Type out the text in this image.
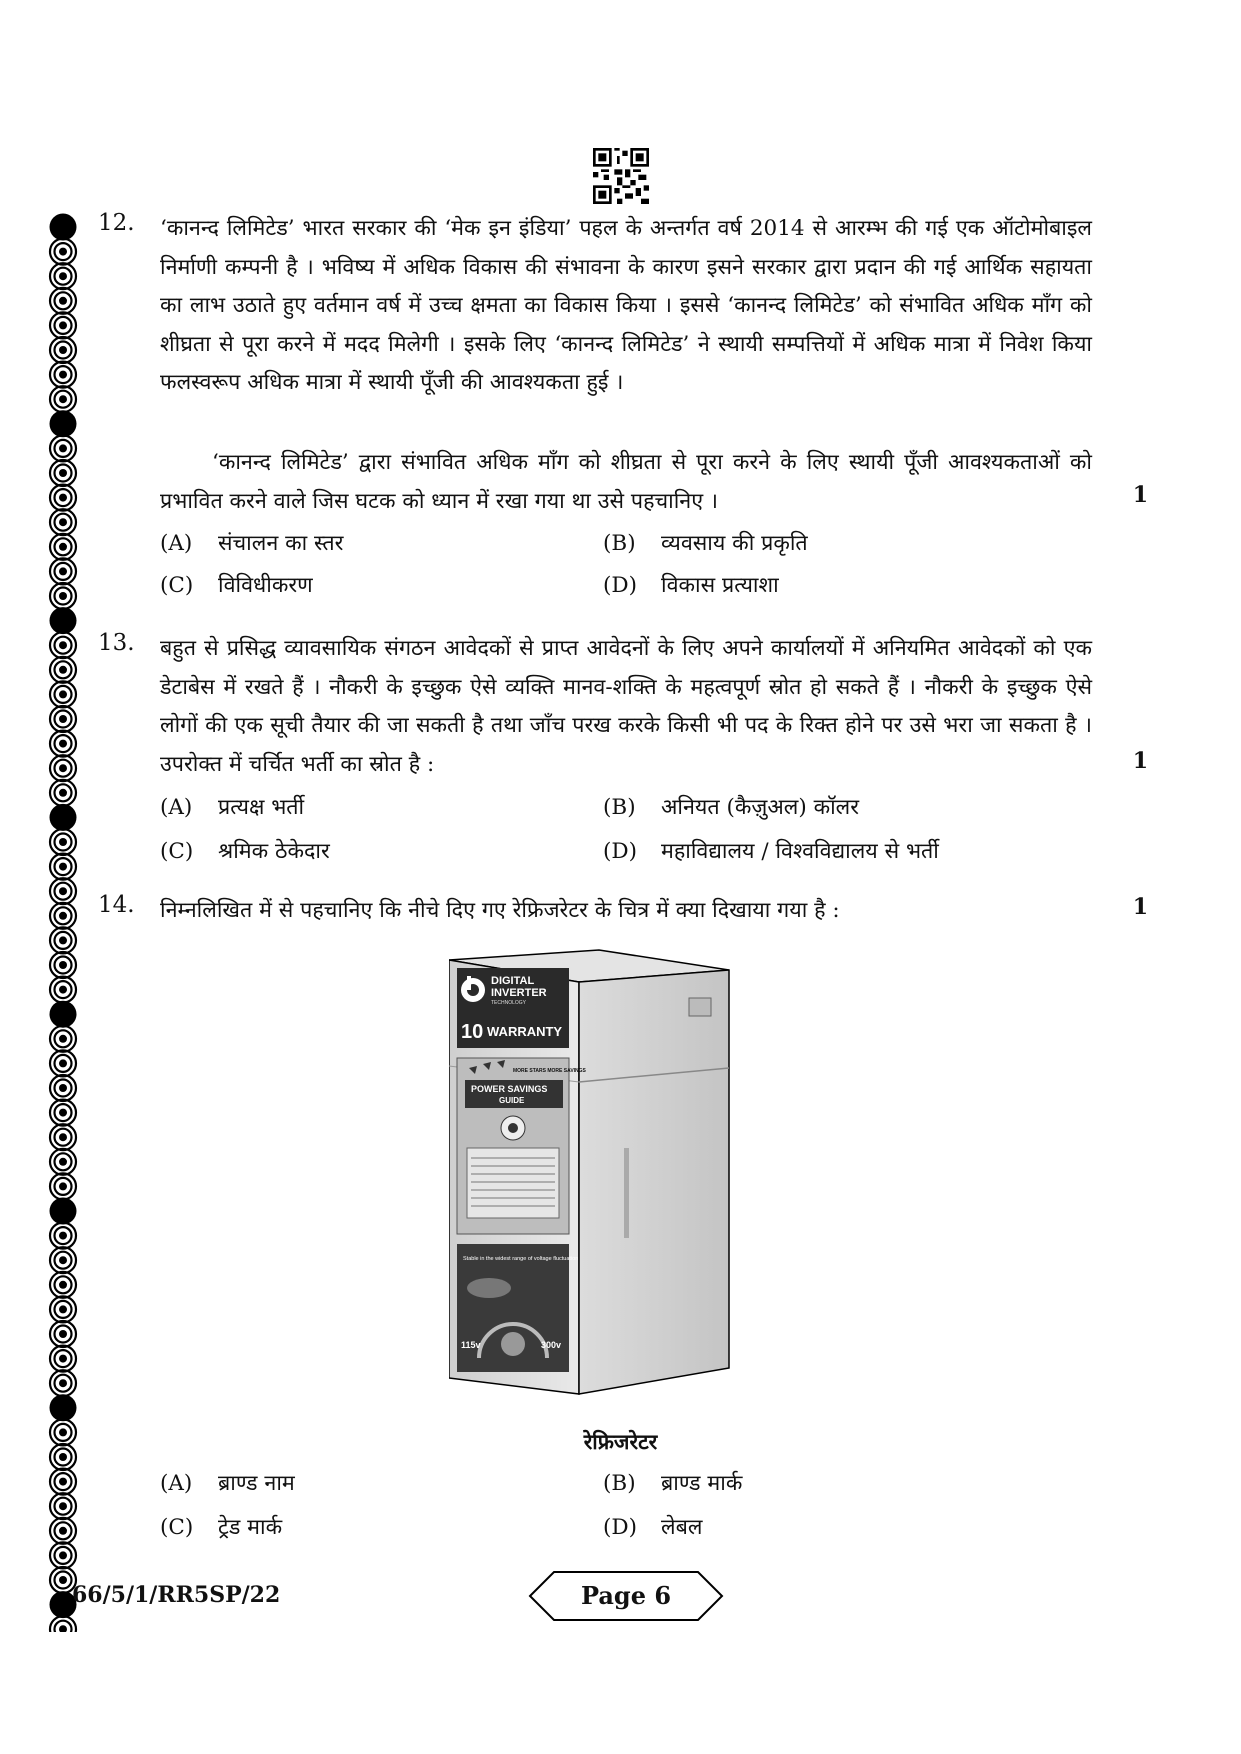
12. ‘कानन्द लिमिटेड’ भारत सरकार की ‘मेक इन इंडिया’ पहल के अन्तर्गत वर्ष 2014 से आरम्भ की गई एक ऑटोमोबाइल निर्माणी कम्पनी है । भविष्य में अधिक विकास की संभावना के कारण इसने सरकार द्वारा प्रदान की गई आर्थिक सहायता का लाभ उठाते हुए वर्तमान वर्ष में उच्च क्षमता का विकास किया । इससे ‘कानन्द लिमिटेड’ को संभावित अधिक माँग को शीघ्रता से पूरा करने में मदद मिलेगी । इसके लिए ‘कानन्द लिमिटेड’ ने स्थायी सम्पत्तियों में अधिक मात्रा में निवेश किया फलस्वरूप अधिक मात्रा में स्थायी पूँजी की आवश्यकता हुई ।
‘कानन्द लिमिटेड’ द्वारा संभावित अधिक माँग को शीघ्रता से पूरा करने के लिए स्थायी पूँजी आवश्यकताओं को प्रभावित करने वाले जिस घटक को ध्यान में रखा गया था उसे पहचानिए ।	1
(A) संचालन का स्तर	(B) व्यवसाय की प्रकृति
(C) विविधीकरण	(D) विकास प्रत्याशा
13. बहुत से प्रसिद्ध व्यावसायिक संगठन आवेदकों से प्राप्त आवेदनों के लिए अपने कार्यालयों में अनियमित आवेदकों को एक डेटाबेस में रखते हैं । नौकरी के इच्छुक ऐसे व्यक्ति मानव-शक्ति के महत्वपूर्ण स्रोत हो सकते हैं । नौकरी के इच्छुक ऐसे लोगों की एक सूची तैयार की जा सकती है तथा जाँच परख करके किसी भी पद के रिक्त होने पर उसे भरा जा सकता है । उपरोक्त में चर्चित भर्ती का स्रोत है :	1
(A) प्रत्यक्ष भर्ती	(B) अनियत (कैज़ुअल) कॉलर
(C) श्रमिक ठेकेदार	(D) महाविद्यालय / विश्वविद्यालय से भर्ती
14. निम्नलिखित में से पहचानिए कि नीचे दिए गए रेफ्रिजरेटर के चित्र में क्या दिखाया गया है :	1
DIGITAL
INVERTER
TECHNOLOGY
10 WARRANTY
MORE STARS MORE SAVINGS
POWER SAVINGS
GUIDE
Stable in the widest range of voltage fluctuation
115v	300v
रेफ्रिजरेटर
(A) ब्राण्ड नाम	(B) ब्राण्ड मार्क
(C) ट्रेड मार्क	(D) लेबल
66/5/1/RR5SP/22	Page 6
